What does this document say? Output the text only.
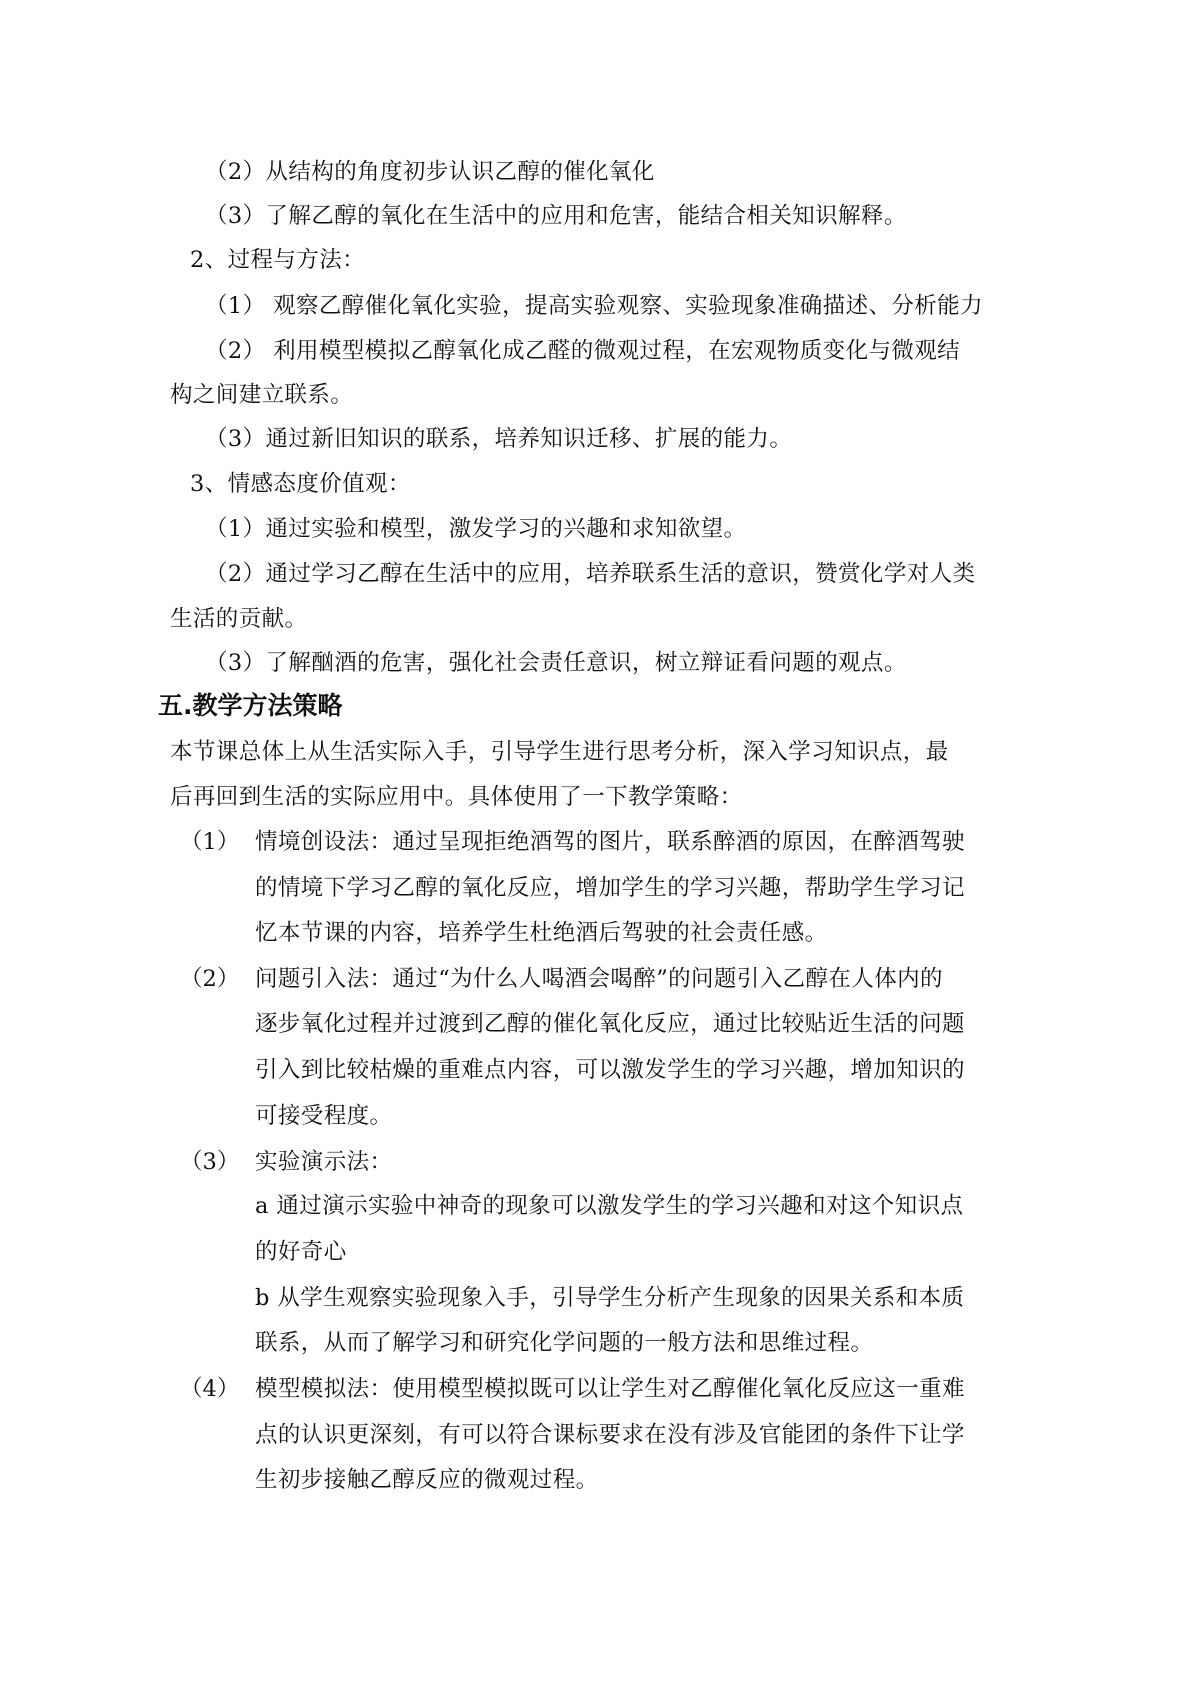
（2）从结构的角度初步认识乙醇的催化氧化
（3）了解乙醇的氧化在生活中的应用和危害，能结合相关知识解释。
2、过程与方法：
（1） 观察乙醇催化氧化实验，提高实验观察、实验现象准确描述、分析能力
（2） 利用模型模拟乙醇氧化成乙醛的微观过程，在宏观物质变化与微观结
构之间建立联系。
（3）通过新旧知识的联系，培养知识迁移、扩展的能力。
3、情感态度价值观：
（1）通过实验和模型，激发学习的兴趣和求知欲望。
（2）通过学习乙醇在生活中的应用，培养联系生活的意识，赞赏化学对人类
生活的贡献。
（3）了解酗酒的危害，强化社会责任意识，树立辩证看问题的观点。
五.教学方法策略
本节课总体上从生活实际入手，引导学生进行思考分析，深入学习知识点，最
后再回到生活的实际应用中。具体使用了一下教学策略：
（1） 情境创设法：通过呈现拒绝酒驾的图片，联系醉酒的原因，在醉酒驾驶
的情境下学习乙醇的氧化反应，增加学生的学习兴趣，帮助学生学习记
忆本节课的内容，培养学生杜绝酒后驾驶的社会责任感。
（2） 问题引入法：通过“为什么人喝酒会喝醉”的问题引入乙醇在人体内的
逐步氧化过程并过渡到乙醇的催化氧化反应，通过比较贴近生活的问题
引入到比较枯燥的重难点内容，可以激发学生的学习兴趣，增加知识的
可接受程度。
（3） 实验演示法：
a 通过演示实验中神奇的现象可以激发学生的学习兴趣和对这个知识点
的好奇心
b 从学生观察实验现象入手，引导学生分析产生现象的因果关系和本质
联系，从而了解学习和研究化学问题的一般方法和思维过程。
（4） 模型模拟法：使用模型模拟既可以让学生对乙醇催化氧化反应这一重难
点的认识更深刻，有可以符合课标要求在没有涉及官能团的条件下让学
生初步接触乙醇反应的微观过程。
